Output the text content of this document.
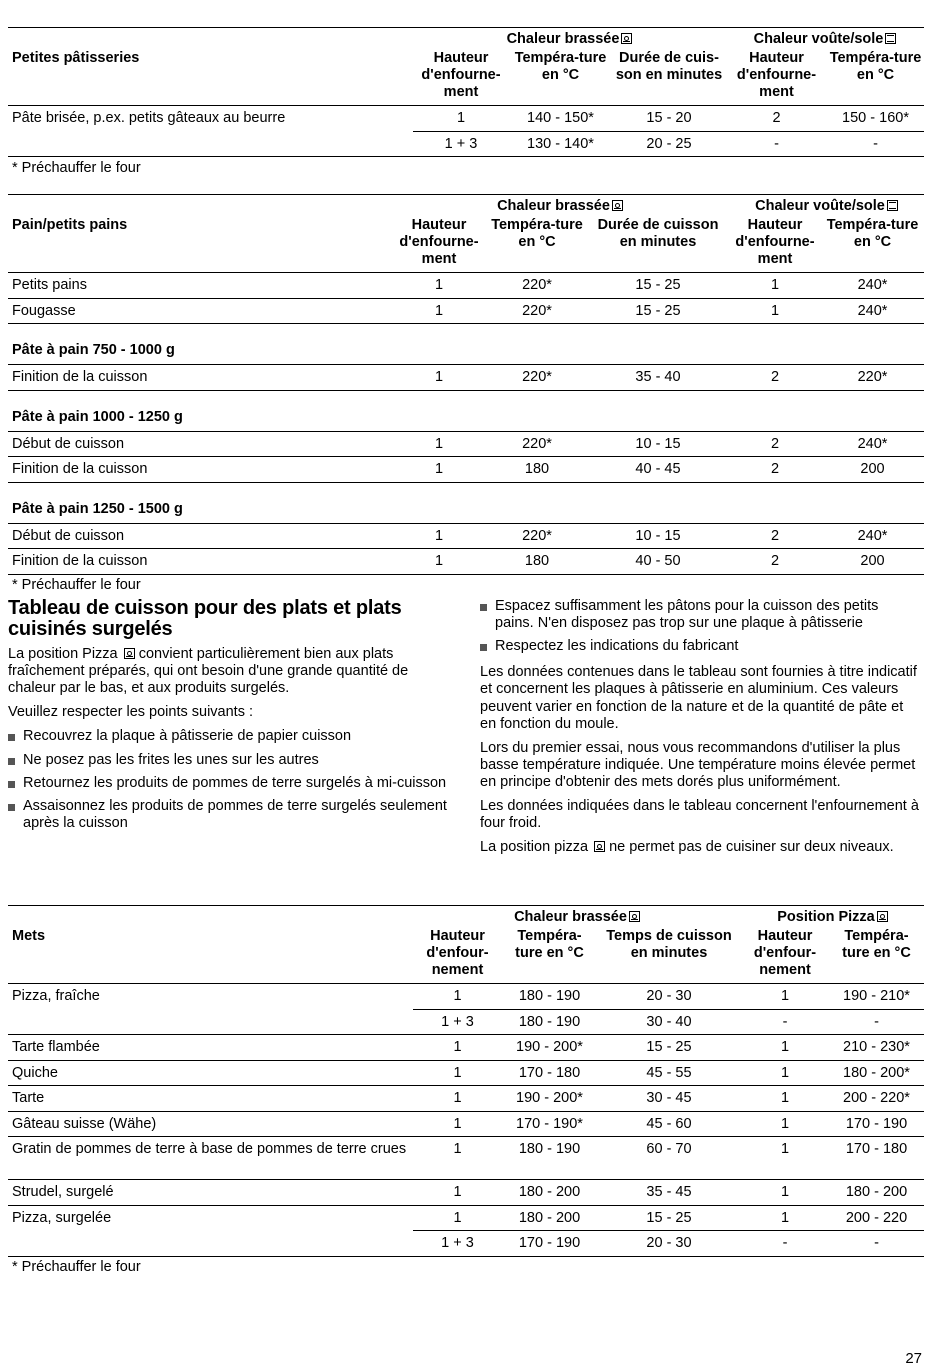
	Chaleur brassée			Chaleur voûte/sole	
Petites pâtisseries	Hauteur d'enfourne-ment	Tempéra-ture en °C	Durée de cuis-son en minutes	Hauteur d'enfourne-ment	Tempéra-ture en °C
Pâte brisée, p.ex. petits gâteaux au beurre	1	140 - 150*	15 - 20	2	150 - 160*
	1 + 3	130 - 140*	20 - 25	-	-
* Préchauffer le four					
	Chaleur brassée			Chaleur voûte/sole	
Pain/petits pains	Hauteur d'enfourne-ment	Tempéra-ture en °C	Durée de cuisson en minutes	Hauteur d'enfourne-ment	Tempéra-ture en °C
Petits pains	1	220*	15 - 25	1	240*
Fougasse	1	220*	15 - 25	1	240*
Pâte à pain 750 - 1000 g					
Finition de la cuisson	1	220*	35 - 40	2	220*
Pâte à pain 1000 - 1250 g					
Début de cuisson	1	220*	10 - 15	2	240*
Finition de la cuisson	1	180	40 - 45	2	200
Pâte à pain 1250 - 1500 g					
Début de cuisson	1	220*	10 - 15	2	240*
Finition de la cuisson	1	180	40 - 50	2	200
* Préchauffer le four					
Tableau de cuisson pour des plats et plats cuisinés surgelés

La position Pizza convient particulièrement bien aux plats fraîchement préparés, qui ont besoin d'une grande quantité de chaleur par le bas, et aux produits surgelés.

Veuillez respecter les points suivants :

Recouvrez la plaque à pâtisserie de papier cuisson
Ne posez pas les frites les unes sur les autres
Retournez les produits de pommes de terre surgelés à mi-cuisson
Assaisonnez les produits de pommes de terre surgelés seulement après la cuisson
Espacez suffisamment les pâtons pour la cuisson des petits pains. N'en disposez pas trop sur une plaque à pâtisserie
Respectez les indications du fabricant

Les données contenues dans le tableau sont fournies à titre indicatif et concernent les plaques à pâtisserie en aluminium. Ces valeurs peuvent varier en fonction de la nature et de la quantité de pâte et en fonction du moule.

Lors du premier essai, nous vous recommandons d'utiliser la plus basse température indiquée. Une température moins élevée permet en principe d'obtenir des mets dorés plus uniformément.

Les données indiquées dans le tableau concernent l'enfournement à four froid.

La position pizza ne permet pas de cuisiner sur deux niveaux.

	Chaleur brassée			Position Pizza	
Mets	Hauteur d'enfour-nement	Tempéra-ture en °C	Temps de cuisson en minutes	Hauteur d'enfour-nement	Tempéra-ture en °C
Pizza, fraîche	1	180 - 190	20 - 30	1	190 - 210*
	1 + 3	180 - 190	30 - 40	-	-
Tarte flambée	1	190 - 200*	15 - 25	1	210 - 230*
Quiche	1	170 - 180	45 - 55	1	180 - 200*
Tarte	1	190 - 200*	30 - 45	1	200 - 220*
Gâteau suisse (Wähe)	1	170 - 190*	45 - 60	1	170 - 190
Gratin de pommes de terre à base de pommes de terre crues	1	180 - 190	60 - 70	1	170 - 180
Strudel, surgelé	1	180 - 200	35 - 45	1	180 - 200
Pizza, surgelée	1	180 - 200	15 - 25	1	200 - 220
	1 + 3	170 - 190	20 - 30	-	-
* Préchauffer le four					
27
